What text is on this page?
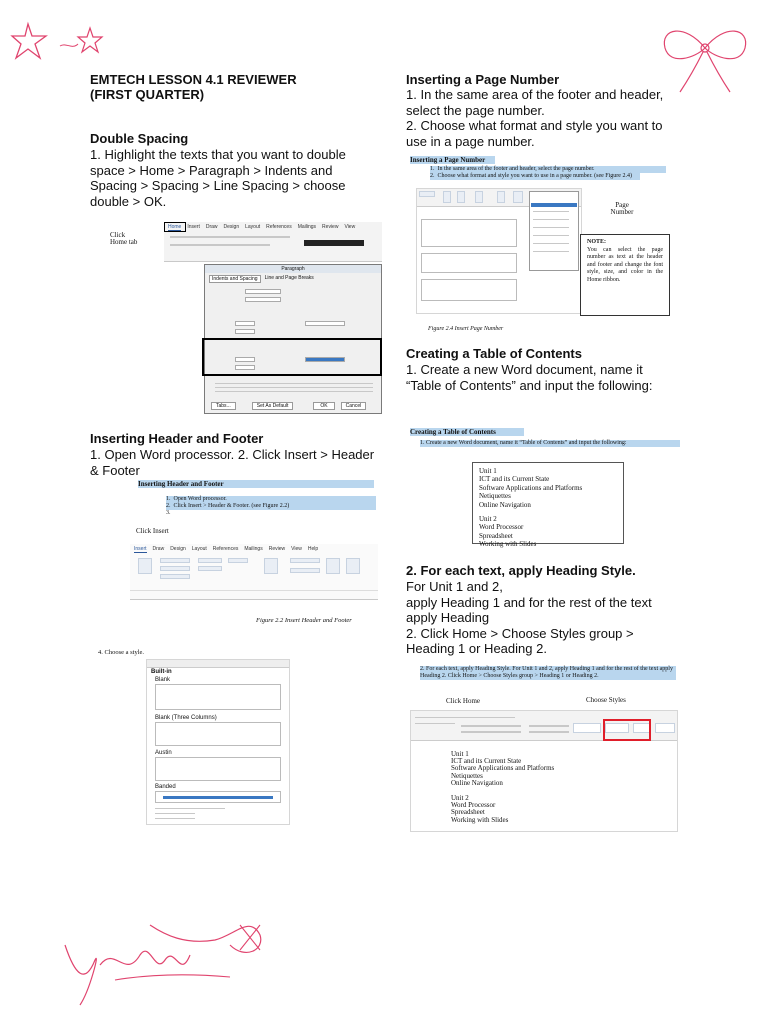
EMTECH LESSON 4.1 REVIEWER
(FIRST QUARTER)
Double Spacing
1. Highlight the texts that you want to double space > Home > Paragraph > Indents and Spacing > Spacing > Line Spacing > choose double > OK.
Click Home tab
Home Insert Draw Design Layout References Mailings Review View
Paragraph
Indents and Spacing	Line and Page Breaks
Tabs...	Set As Default	OK	Cancel
Inserting Header and Footer
1. Open Word processor. 2. Click Insert > Header & Footer
Inserting Header and Footer
1.  Open Word processor.
2.  Click Insert > Header & Footer. (see Figure 2.2)
3.
Click Insert
Insert Draw Design Layout References Mailings Review View Help
Figure 2.2 Insert Header and Footer
4. Choose a style.
Built-in
Blank
Blank (Three Columns)
Austin
Banded
Inserting a Page Number
1. In the same area of the footer and header, select the page number.
2. Choose what format and style you want to use in a page number.
Inserting a Page Number
1.  In the same area of the footer and header, select the page number.
2.  Choose what format and style you want to use in a page number. (see Figure 2.4)
Page Number
NOTE:
You can select the page number as text at the header and footer and change the font style, size, and color in the Home ribbon.
Figure 2.4 Insert Page Number
Creating a Table of Contents
1. Create a new Word document, name it “Table of Contents” and input the following:
Creating a Table of Contents
1. Create a new Word document, name it “Table of Contents” and input the following:
Unit 1
ICT and its Current State
Software Applications and Platforms
Netiquettes
Online Navigation
Unit 2
Word Processor
Spreadsheet
Working with Slides
2. For each text, apply Heading Style.
For Unit 1 and 2,
apply Heading 1 and for the rest of the text apply Heading
2. Click Home > Choose Styles group > Heading 1 or Heading 2.
2. For each text, apply Heading Style. For Unit 1 and 2, apply Heading 1 and for the rest of the text apply Heading 2. Click Home > Choose Styles group > Heading 1 or Heading 2.
Click Home	Choose Styles
Unit 1
ICT and its Current State
Software Applications and Platforms
Netiquettes
Online Navigation
Unit 2
Word Processor
Spreadsheet
Working with Slides
